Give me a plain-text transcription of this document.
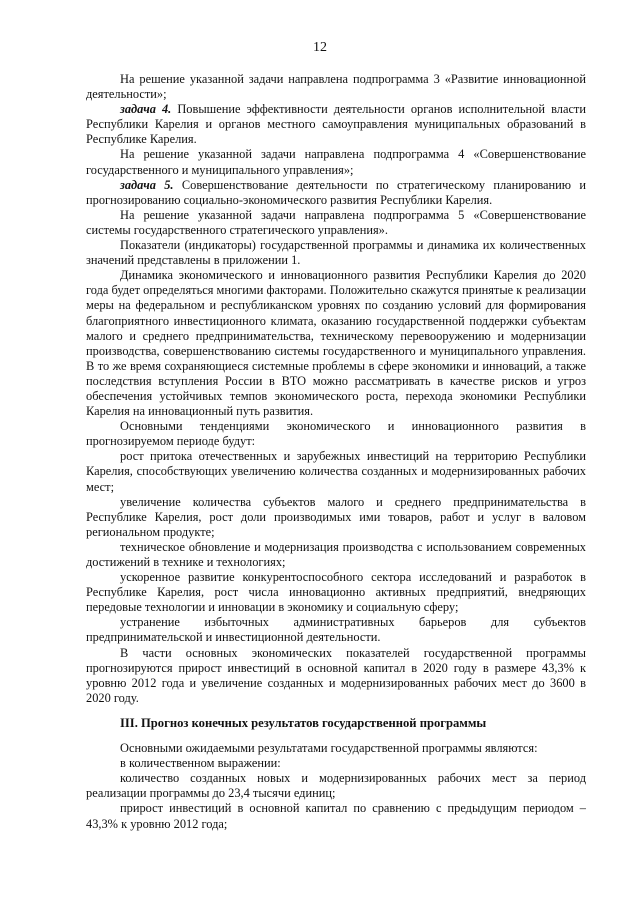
12

На решение указанной задачи направлена подпрограмма 3 «Развитие инновационной деятельности»;

задача 4. Повышение эффективности деятельности органов исполнительной власти Республики Карелия и органов местного самоуправления муниципальных образований в Республике Карелия.

На решение указанной задачи направлена подпрограмма 4 «Совершенствование государственного и муниципального управления»;

задача 5. Совершенствование деятельности по стратегическому планированию и прогнозированию социально-экономического развития Республики Карелия.

На решение указанной задачи направлена подпрограмма 5 «Совершенствование системы государственного стратегического управления».

Показатели (индикаторы) государственной программы и динамика их количественных значений представлены в приложении 1.

Динамика экономического и инновационного развития Республики Карелия до 2020 года будет определяться многими факторами. Положительно скажутся принятые к реализации меры на федеральном и республиканском уровнях по созданию условий для формирования благоприятного инвестиционного климата, оказанию государственной поддержки субъектам малого и среднего предпринимательства, техническому перевооружению и модернизации производства, совершенствованию системы государственного и муниципального управления. В то же время сохраняющиеся системные проблемы в сфере экономики и инноваций, а также последствия вступления России в ВТО можно рассматривать в качестве рисков и угроз обеспечения устойчивых темпов экономического роста, перехода экономики Республики Карелия на инновационный путь развития.

Основными тенденциями экономического и инновационного развития в прогнозируемом периоде будут:

рост притока отечественных и зарубежных инвестиций на территорию Республики Карелия, способствующих увеличению количества созданных и модернизированных рабочих мест;

увеличение количества субъектов малого и среднего предпринимательства в Республике Карелия, рост доли производимых ими товаров, работ и услуг в валовом региональном продукте;

техническое обновление и модернизация производства с использованием современных достижений в технике и технологиях;

ускоренное развитие конкурентоспособного сектора исследований и разработок в Республике Карелия, рост числа инновационно активных предприятий, внедряющих передовые технологии и инновации в экономику и социальную сферу;

устранение избыточных административных барьеров для субъектов предпринимательской и инвестиционной деятельности.

В части основных экономических показателей государственной программы прогнозируются прирост инвестиций в основной капитал в 2020 году в размере 43,3% к уровню 2012 года и увеличение созданных и модернизированных рабочих мест до 3600 в 2020 году.

III. Прогноз конечных результатов государственной программы

Основными ожидаемыми результатами государственной программы являются:

в количественном выражении:

количество созданных новых и модернизированных рабочих мест за период реализации программы до 23,4 тысячи единиц;

прирост инвестиций в основной капитал по сравнению с предыдущим периодом – 43,3% к уровню 2012 года;
